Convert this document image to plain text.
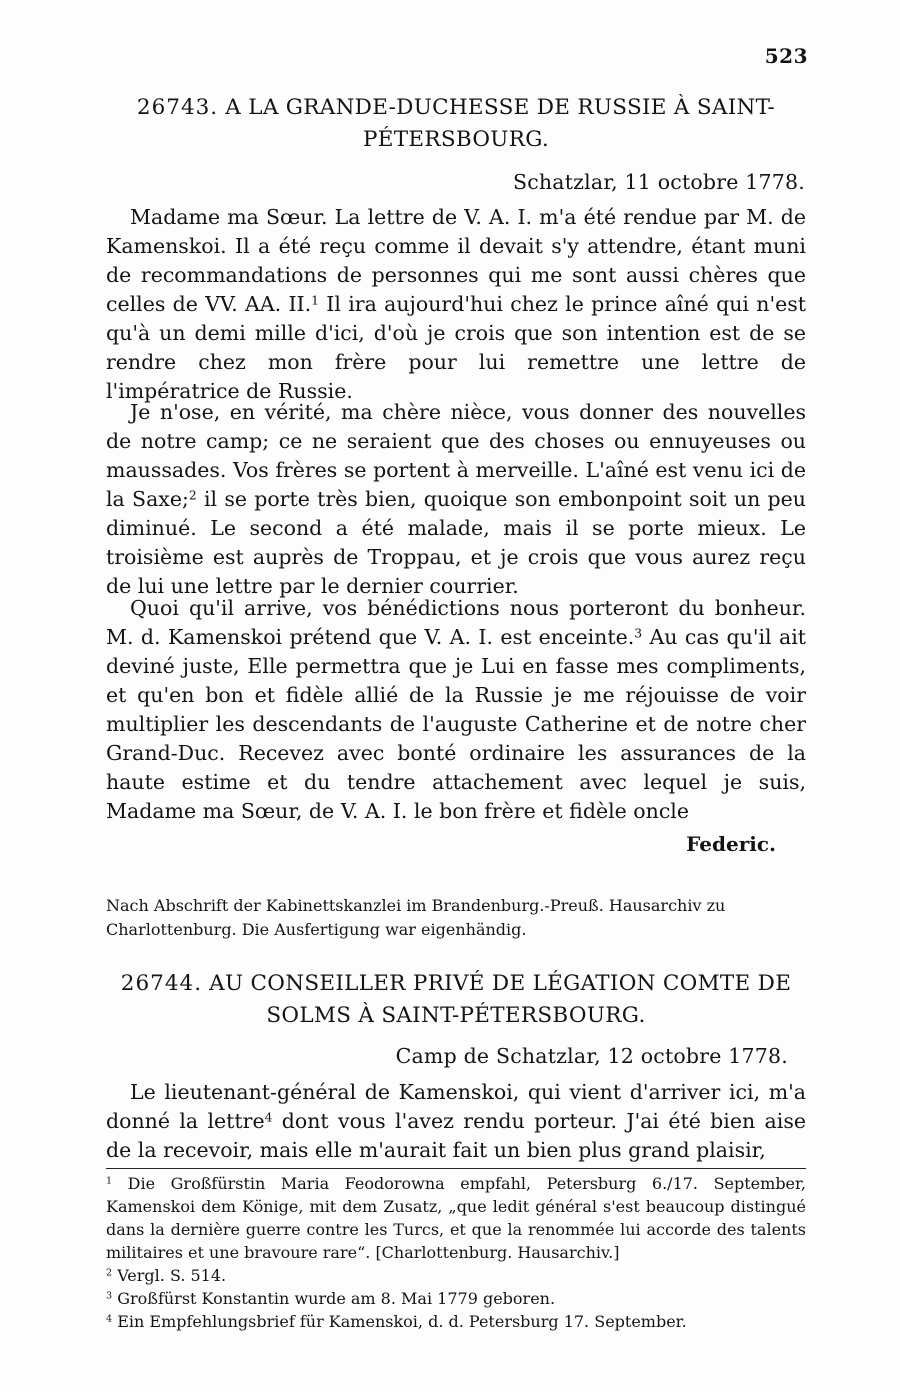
523
26743. A LA GRANDE-DUCHESSE DE RUSSIE À SAINT-
PÉTERSBOURG.
Schatzlar, 11 octobre 1778.

Madame ma Sœur. La lettre de V. A. I. m'a été rendue par M. de Kamenskoi. Il a été reçu comme il devait s'y attendre, étant muni de recommandations de personnes qui me sont aussi chères que celles de VV. AA. II.$^1$ Il ira aujourd'hui chez le prince aîné qui n'est qu'à un demi mille d'ici, d'où je crois que son intention est de se rendre chez mon frère pour lui remettre une lettre de l'impératrice de Russie.

Je n'ose, en vérité, ma chère nièce, vous donner des nouvelles de notre camp; ce ne seraient que des choses ou ennuyeuses ou maussades. Vos frères se portent à merveille. L'aîné est venu ici de la Saxe;$^2$ il se porte très bien, quoique son embonpoint soit un peu diminué. Le second a été malade, mais il se porte mieux. Le troisième est auprès de Troppau, et je crois que vous aurez reçu de lui une lettre par le dernier courrier.

Quoi qu'il arrive, vos bénédictions nous porteront du bonheur. M. d. Kamenskoi prétend que V. A. I. est enceinte.$^3$ Au cas qu'il ait deviné juste, Elle permettra que je Lui en fasse mes compliments, et qu'en bon et fidèle allié de la Russie je me réjouisse de voir multiplier les descendants de l'auguste Catherine et de notre cher Grand-Duc. Recevez avec bonté ordinaire les assurances de la haute estime et du tendre attachement avec lequel je suis, Madame ma Sœur, de V. A. I. le bon frère et fidèle oncle

Federic.

Nach Abschrift der Kabinettskanzlei im Brandenburg.-Preuß. Hausarchiv zu Charlottenburg. Die Ausfertigung war eigenhändig.

26744. AU CONSEILLER PRIVÉ DE LÉGATION COMTE DE
SOLMS À SAINT-PÉTERSBOURG.
Camp de Schatzlar, 12 octobre 1778.

Le lieutenant-général de Kamenskoi, qui vient d'arriver ici, m'a donné la lettre$^4$ dont vous l'avez rendu porteur. J'ai été bien aise de la recevoir, mais elle m'aurait fait un bien plus grand plaisir,

$^1$ Die Großfürstin Maria Feodorowna empfahl, Petersburg 6./17. September, Kamenskoi dem Könige, mit dem Zusatz, „que ledit général s'est beaucoup distingué dans la dernière guerre contre les Turcs, et que la renommée lui accorde des talents militaires et une bravoure rare“. [Charlottenburg. Hausarchiv.]

$^2$ Vergl. S. 514.

$^3$ Großfürst Konstantin wurde am 8. Mai 1779 geboren.

$^4$ Ein Empfehlungsbrief für Kamenskoi, d. d. Petersburg 17. September.
